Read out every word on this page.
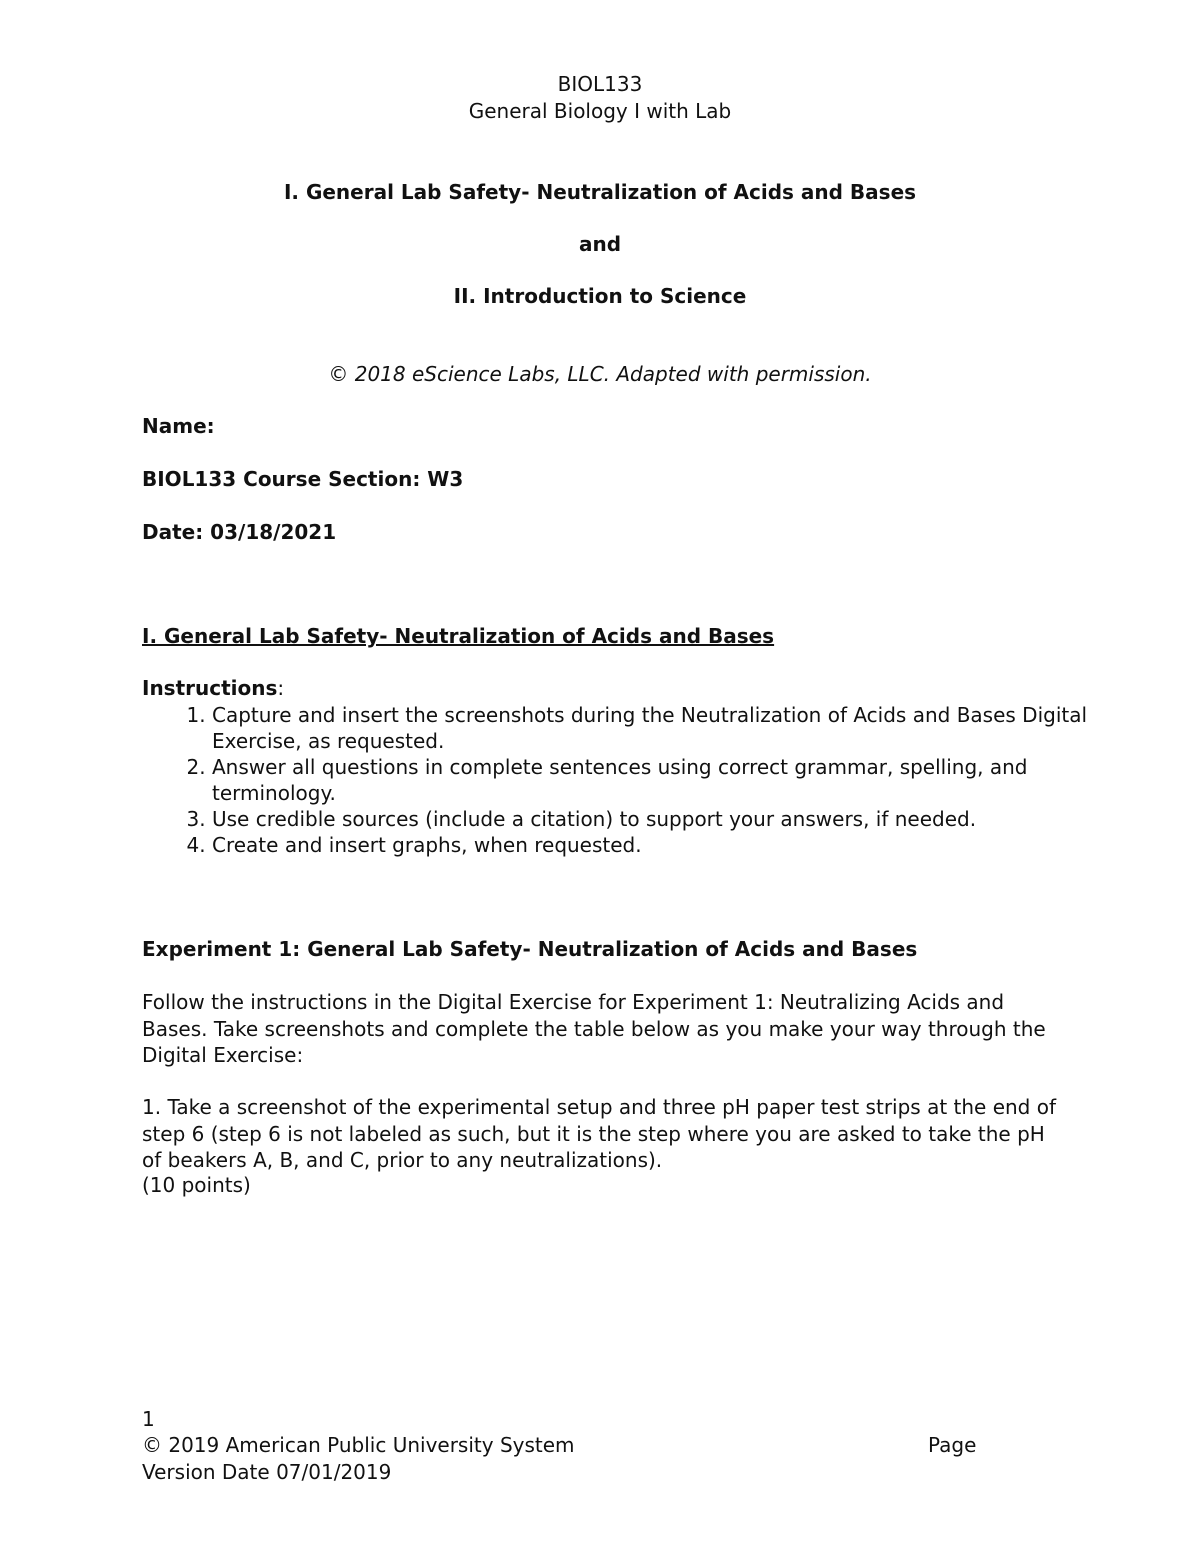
BIOL133
General Biology I with Lab
I. General Lab Safety- Neutralization of Acids and Bases
and
II. Introduction to Science
© 2018 eScience Labs, LLC. Adapted with permission.
Name:
BIOL133 Course Section: W3
Date: 03/18/2021
I. General Lab Safety- Neutralization of Acids and Bases
Instructions:
1. Capture and insert the screenshots during the Neutralization of Acids and Bases Digital Exercise, as requested.
2. Answer all questions in complete sentences using correct grammar, spelling, and terminology.
3. Use credible sources (include a citation) to support your answers, if needed.
4. Create and insert graphs, when requested.
Experiment 1: General Lab Safety- Neutralization of Acids and Bases

Follow the instructions in the Digital Exercise for Experiment 1: Neutralizing Acids and Bases. Take screenshots and complete the table below as you make your way through the Digital Exercise:

1. Take a screenshot of the experimental setup and three pH paper test strips at the end of step 6 (step 6 is not labeled as such, but it is the step where you are asked to take the pH of beakers A, B, and C, prior to any neutralizations).

(10 points)
1
© 2019 American Public University System	Page
Version Date 07/01/2019
